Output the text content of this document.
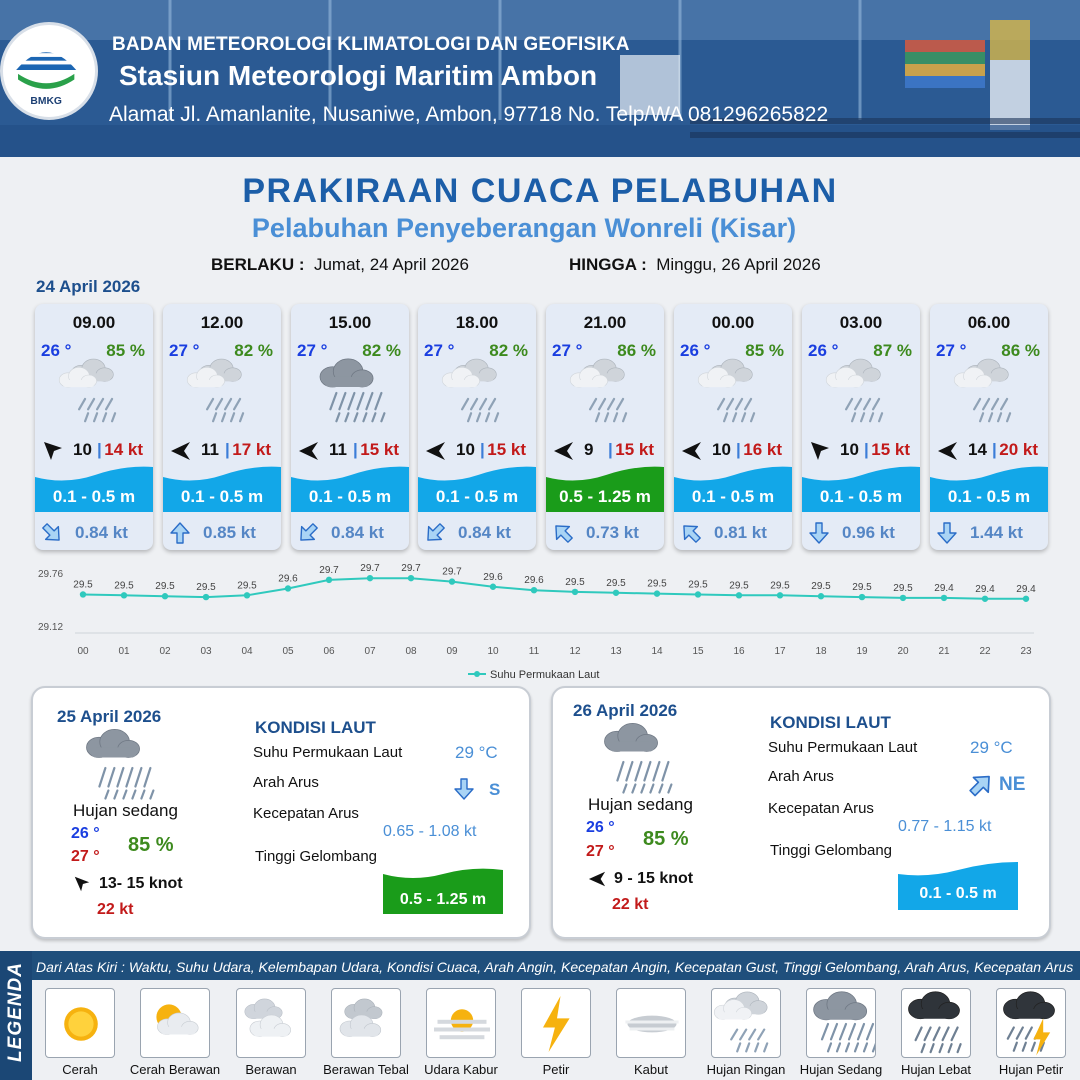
BMKG
BADAN METEOROLOGI KLIMATOLOGI DAN GEOFISIKA
Stasiun Meteorologi Maritim Ambon
Alamat Jl. Amanlanite, Nusaniwe, Ambon, 97718 No. Telp/WA 081296265822
PRAKIRAAN CUACA PELABUHAN
Pelabuhan Penyeberangan Wonreli (Kisar)
BERLAKU : Jumat, 24 April 2026	HINGGA : Minggu, 26 April 2026
24 April 2026
09.00
26 ° 85 %
10 | 14 kt
0.1 - 0.5 m
0.84 kt
12.00
27 ° 82 %
11 | 17 kt
0.1 - 0.5 m
0.85 kt
15.00
27 ° 82 %
11 | 15 kt
0.1 - 0.5 m
0.84 kt
18.00
27 ° 82 %
10 | 15 kt
0.1 - 0.5 m
0.84 kt
21.00
27 ° 86 %
9 | 15 kt
0.5 - 1.25 m
0.73 kt
00.00
26 ° 85 %
10 | 16 kt
0.1 - 0.5 m
0.81 kt
03.00
26 ° 87 %
10 | 15 kt
0.1 - 0.5 m
0.96 kt
06.00
27 ° 86 %
14 | 20 kt
0.1 - 0.5 m
1.44 kt
29.76
29.12
29.5
00
29.5
01
29.5
02
29.5
03
29.5
04
29.6
05
29.7
06
29.7
07
29.7
08
29.7
09
29.6
10
29.6
11
29.5
12
29.5
13
29.5
14
29.5
15
29.5
16
29.5
17
29.5
18
29.5
19
29.5
20
29.4
21
29.4
22
29.4
23
Suhu Permukaan Laut
25 April 2026
Hujan sedang
26 °
27 °
85 %
13- 15 knot
22 kt
KONDISI LAUT
Suhu Permukaan Laut	29 °C
Arah Arus	S
Kecepatan Arus
0.65 - 1.08 kt
Tinggi Gelombang
0.5 - 1.25 m
26 April 2026
Hujan sedang
26 °
27 °
85 %
9 - 15 knot
22 kt
KONDISI LAUT
Suhu Permukaan Laut	29 °C
Arah Arus	NE
Kecepatan Arus
0.77 - 1.15 kt
Tinggi Gelombang
0.1 - 0.5 m
LEGENDA Dari Atas Kiri : Waktu, Suhu Udara, Kelembapan Udara, Kondisi Cuaca, Arah Angin, Kecepatan Angin, Kecepatan Gust, Tinggi Gelombang, Arah Arus, Kecepatan Arus
Cerah	Cerah Berawan	Berawan	Berawan Tebal	Udara Kabur	Petir	Kabut	Hujan Ringan	Hujan Sedang	Hujan Lebat	Hujan Petir
